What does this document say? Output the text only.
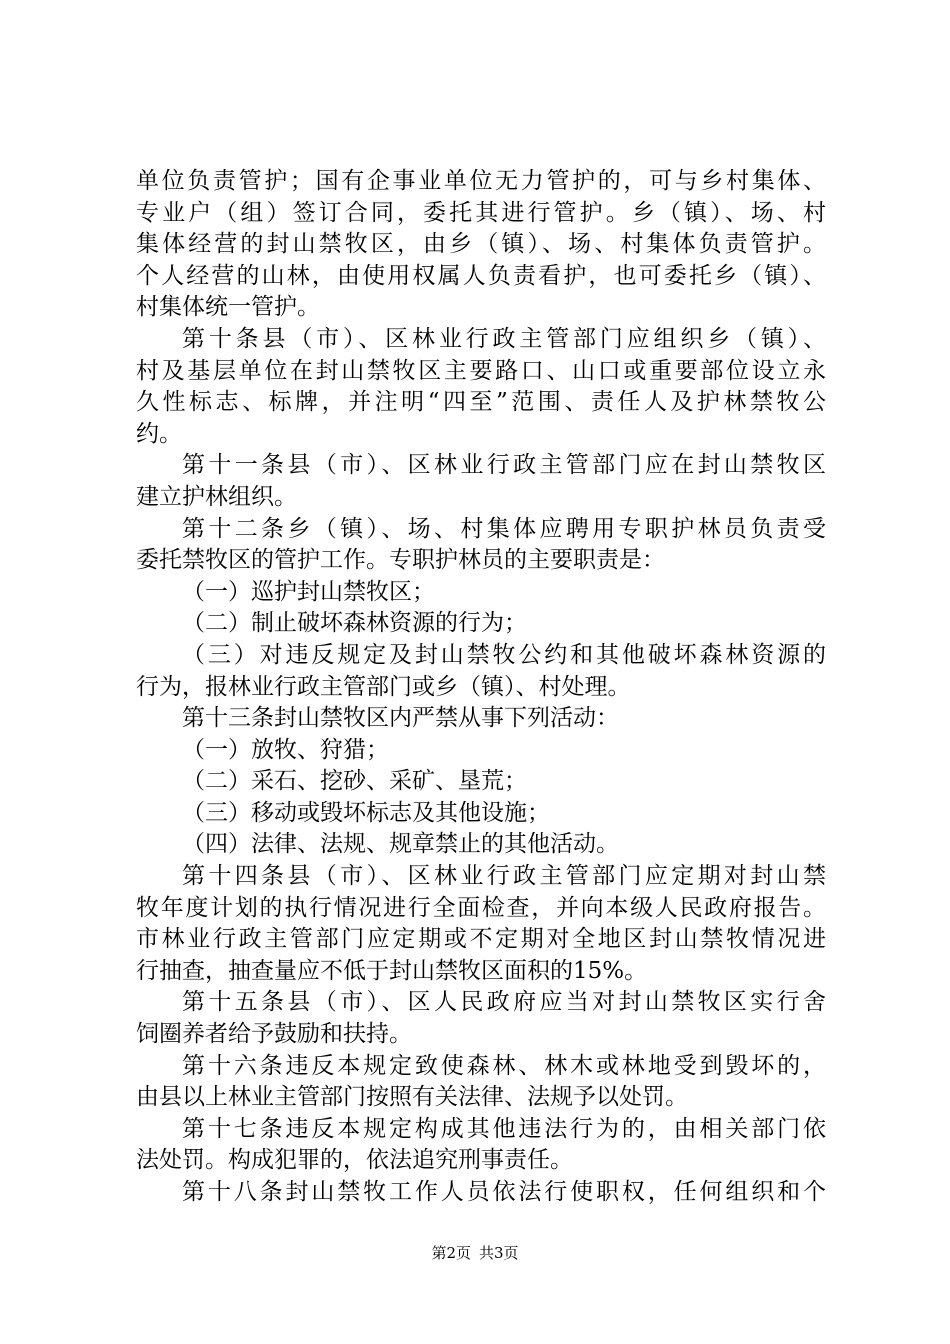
单位负责管护；国有企事业单位无力管护的，可与乡村集体、
专业户（组）签订合同，委托其进行管护。乡（镇）、场、村
集体经营的封山禁牧区，由乡（镇）、场、村集体负责管护。
个人经营的山林，由使用权属人负责看护，也可委托乡（镇）、
村集体统一管护。
第十条县（市）、区林业行政主管部门应组织乡（镇）、
村及基层单位在封山禁牧区主要路口、山口或重要部位设立永
久性标志、标牌，并注明“四至”范围、责任人及护林禁牧公
约。
第十一条县（市）、区林业行政主管部门应在封山禁牧区
建立护林组织。
第十二条乡（镇）、场、村集体应聘用专职护林员负责受
委托禁牧区的管护工作。专职护林员的主要职责是：
（一）巡护封山禁牧区；
（二）制止破坏森林资源的行为；
（三）对违反规定及封山禁牧公约和其他破坏森林资源的
行为，报林业行政主管部门或乡（镇）、村处理。
第十三条封山禁牧区内严禁从事下列活动：
（一）放牧、狩猎；
（二）采石、挖砂、采矿、垦荒；
（三）移动或毁坏标志及其他设施；
（四）法律、法规、规章禁止的其他活动。
第十四条县（市）、区林业行政主管部门应定期对封山禁
牧年度计划的执行情况进行全面检查，并向本级人民政府报告。
市林业行政主管部门应定期或不定期对全地区封山禁牧情况进
行抽查，抽查量应不低于封山禁牧区面积的15%。
第十五条县（市）、区人民政府应当对封山禁牧区实行舍
饲圈养者给予鼓励和扶持。
第十六条违反本规定致使森林、林木或林地受到毁坏的，
由县以上林业主管部门按照有关法律、法规予以处罚。
第十七条违反本规定构成其他违法行为的，由相关部门依
法处罚。构成犯罪的，依法追究刑事责任。
第十八条封山禁牧工作人员依法行使职权，任何组织和个
第2页 共3页
